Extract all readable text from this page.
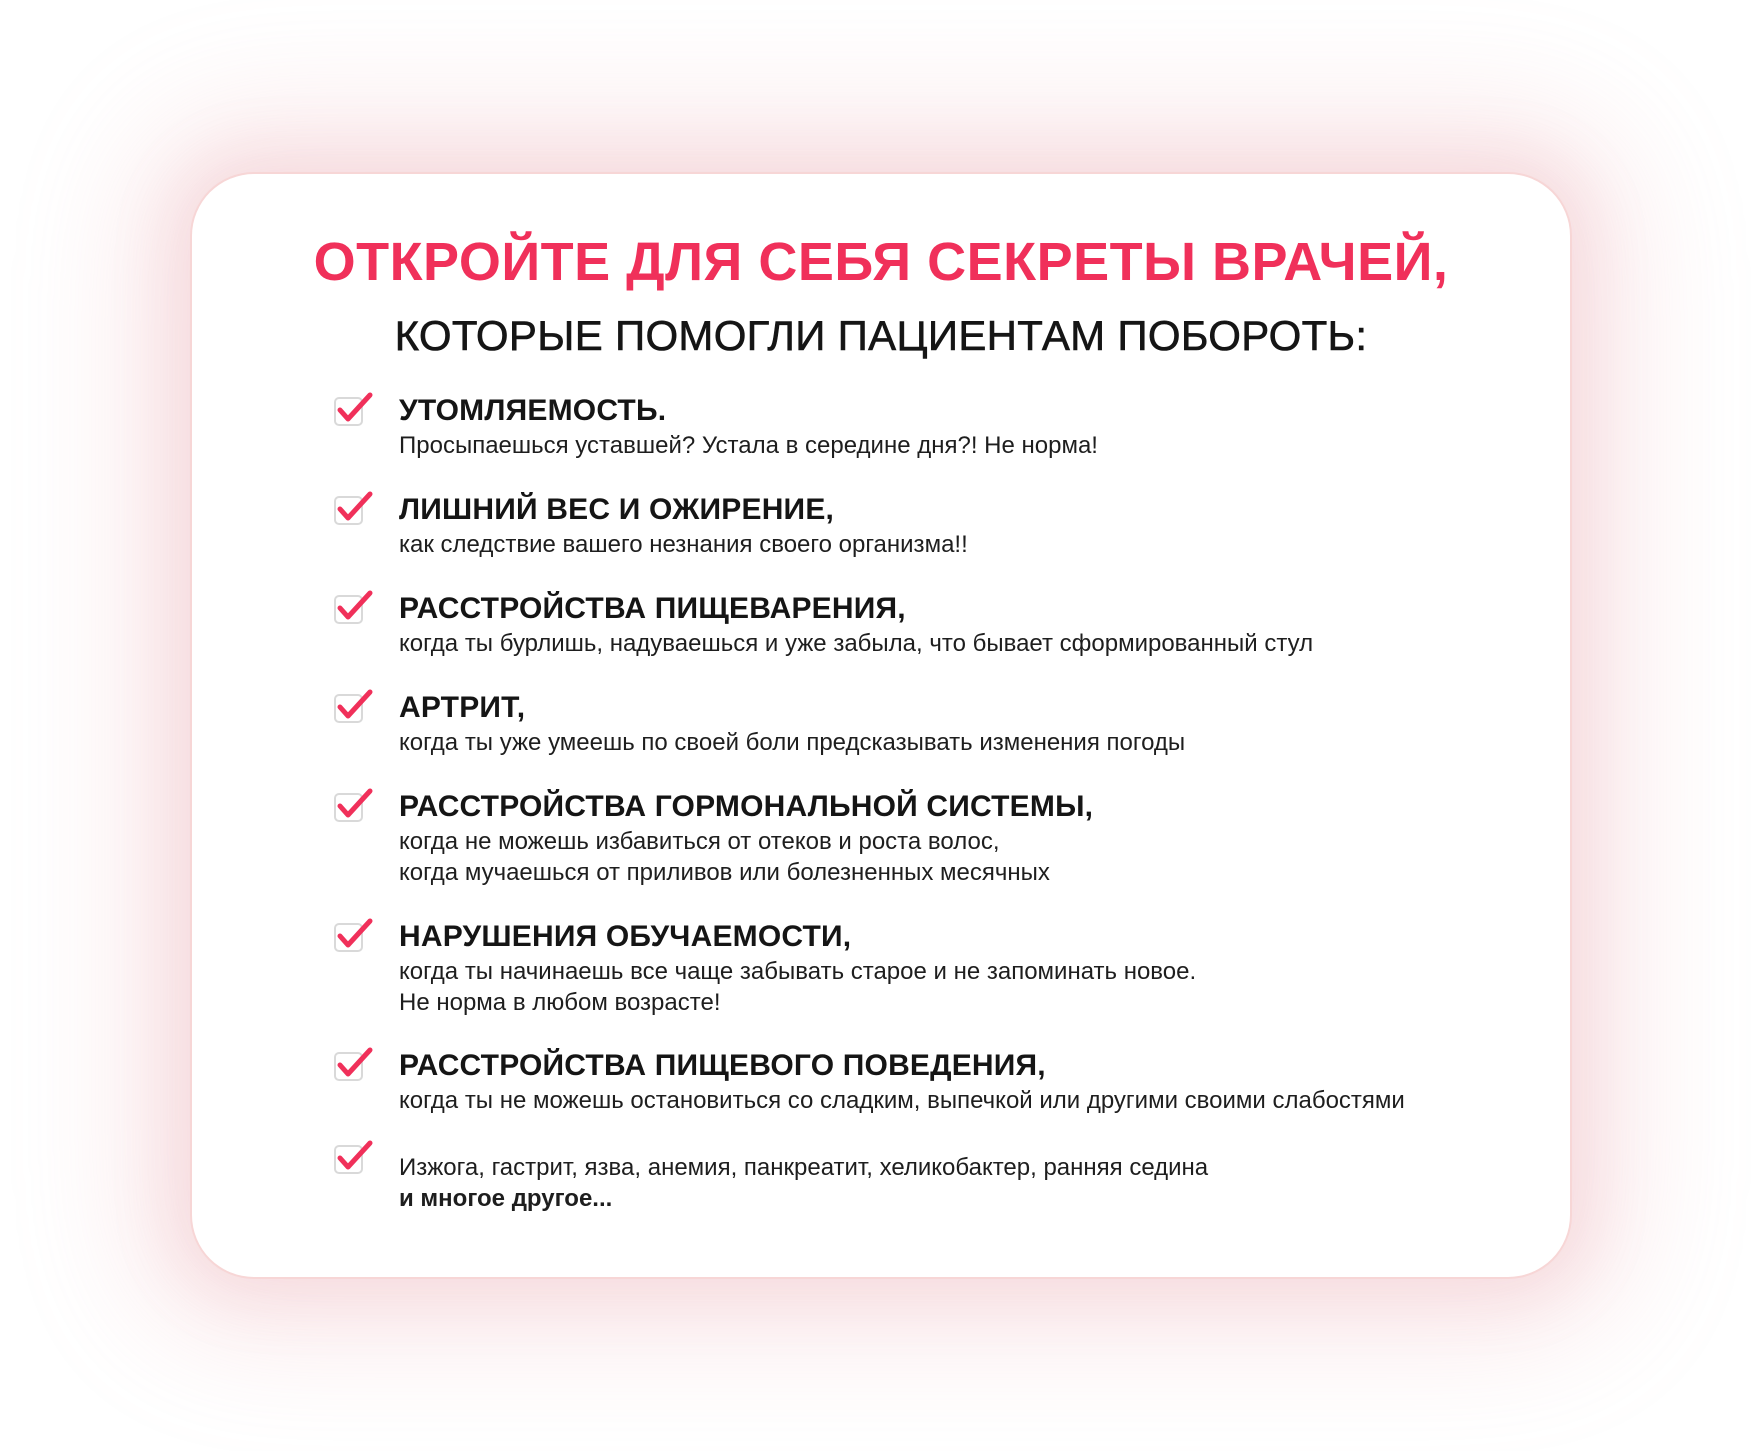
ОТКРОЙТЕ ДЛЯ СЕБЯ СЕКРЕТЫ ВРАЧЕЙ,
КОТОРЫЕ ПОМОГЛИ ПАЦИЕНТАМ ПОБОРОТЬ:
УТОМЛЯЕМОСТЬ.
Просыпаешься уставшей? Устала в середине дня?! Не норма!
ЛИШНИЙ ВЕС И ОЖИРЕНИЕ,
как следствие вашего незнания своего организма!!
РАССТРОЙСТВА ПИЩЕВАРЕНИЯ,
когда ты бурлишь, надуваешься и уже забыла, что бывает сформированный стул
АРТРИТ,
когда ты уже умеешь по своей боли предсказывать изменения погоды
РАССТРОЙСТВА ГОРМОНАЛЬНОЙ СИСТЕМЫ,
когда не можешь избавиться от отеков и роста волос,
когда мучаешься от приливов или болезненных месячных
НАРУШЕНИЯ ОБУЧАЕМОСТИ,
когда ты начинаешь все чаще забывать старое и не запоминать новое.
Не норма в любом возрасте!
РАССТРОЙСТВА ПИЩЕВОГО ПОВЕДЕНИЯ,
когда ты не можешь остановиться со сладким, выпечкой или другими своими слабостями
Изжога, гастрит, язва, анемия, панкреатит, хеликобактер, ранняя седина
и многое другое...
